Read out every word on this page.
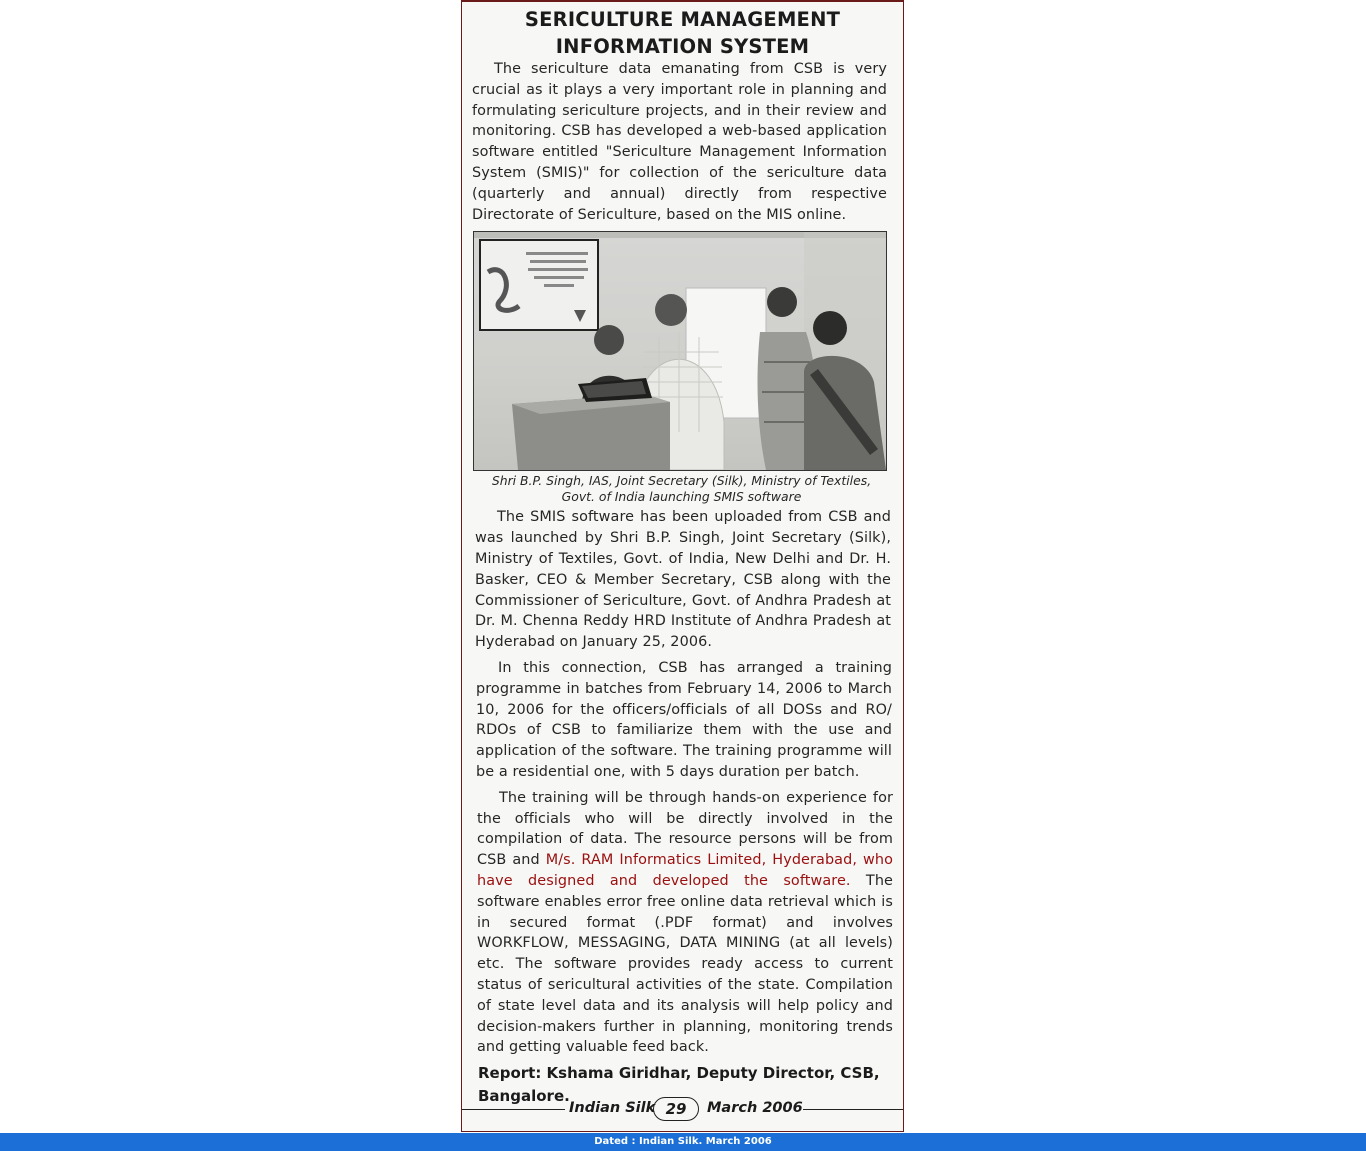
SERICULTURE MANAGEMENT
INFORMATION SYSTEM

The sericulture data emanating from CSB is very crucial as it plays a very important role in planning and formulating sericulture projects, and in their review and monitoring. CSB has developed a web-based application software entitled "Sericulture Management Information System (SMIS)" for collection of the sericulture data (quarterly and annual) directly from respective Directorate of Sericulture, based on the MIS online.

Shri B.P. Singh, IAS, Joint Secretary (Silk), Ministry of Textiles,
Govt. of India launching SMIS software

The SMIS software has been uploaded from CSB and was launched by Shri B.P. Singh, Joint Secretary (Silk), Ministry of Textiles, Govt. of India, New Delhi and Dr. H. Basker, CEO & Member Secretary, CSB along with the Commissioner of Sericulture, Govt. of Andhra Pradesh at Dr. M. Chenna Reddy HRD Institute of Andhra Pradesh at Hyderabad on January 25, 2006.

In this connection, CSB has arranged a training programme in batches from February 14, 2006 to March 10, 2006 for the officers/officials of all DOSs and RO/ RDOs of CSB to familiarize them with the use and application of the software. The training programme will be a residential one, with 5 days duration per batch.

The training will be through hands-on experience for the officials who will be directly involved in the compilation of data. The resource persons will be from CSB and M/s. RAM Informatics Limited, Hyderabad, who have designed and developed the software. The software enables error free online data retrieval which is in secured format (.PDF format) and involves WORKFLOW, MESSAGING, DATA MINING (at all levels) etc. The software provides ready access to current status of sericultural activities of the state. Compilation of state level data and its analysis will help policy and decision-makers further in planning, monitoring trends and getting valuable feed back.

Report: Kshama Giridhar, Deputy Director, CSB, Bangalore.
Indian Silk 29	March 2006
Dated : Indian Silk. March 2006
